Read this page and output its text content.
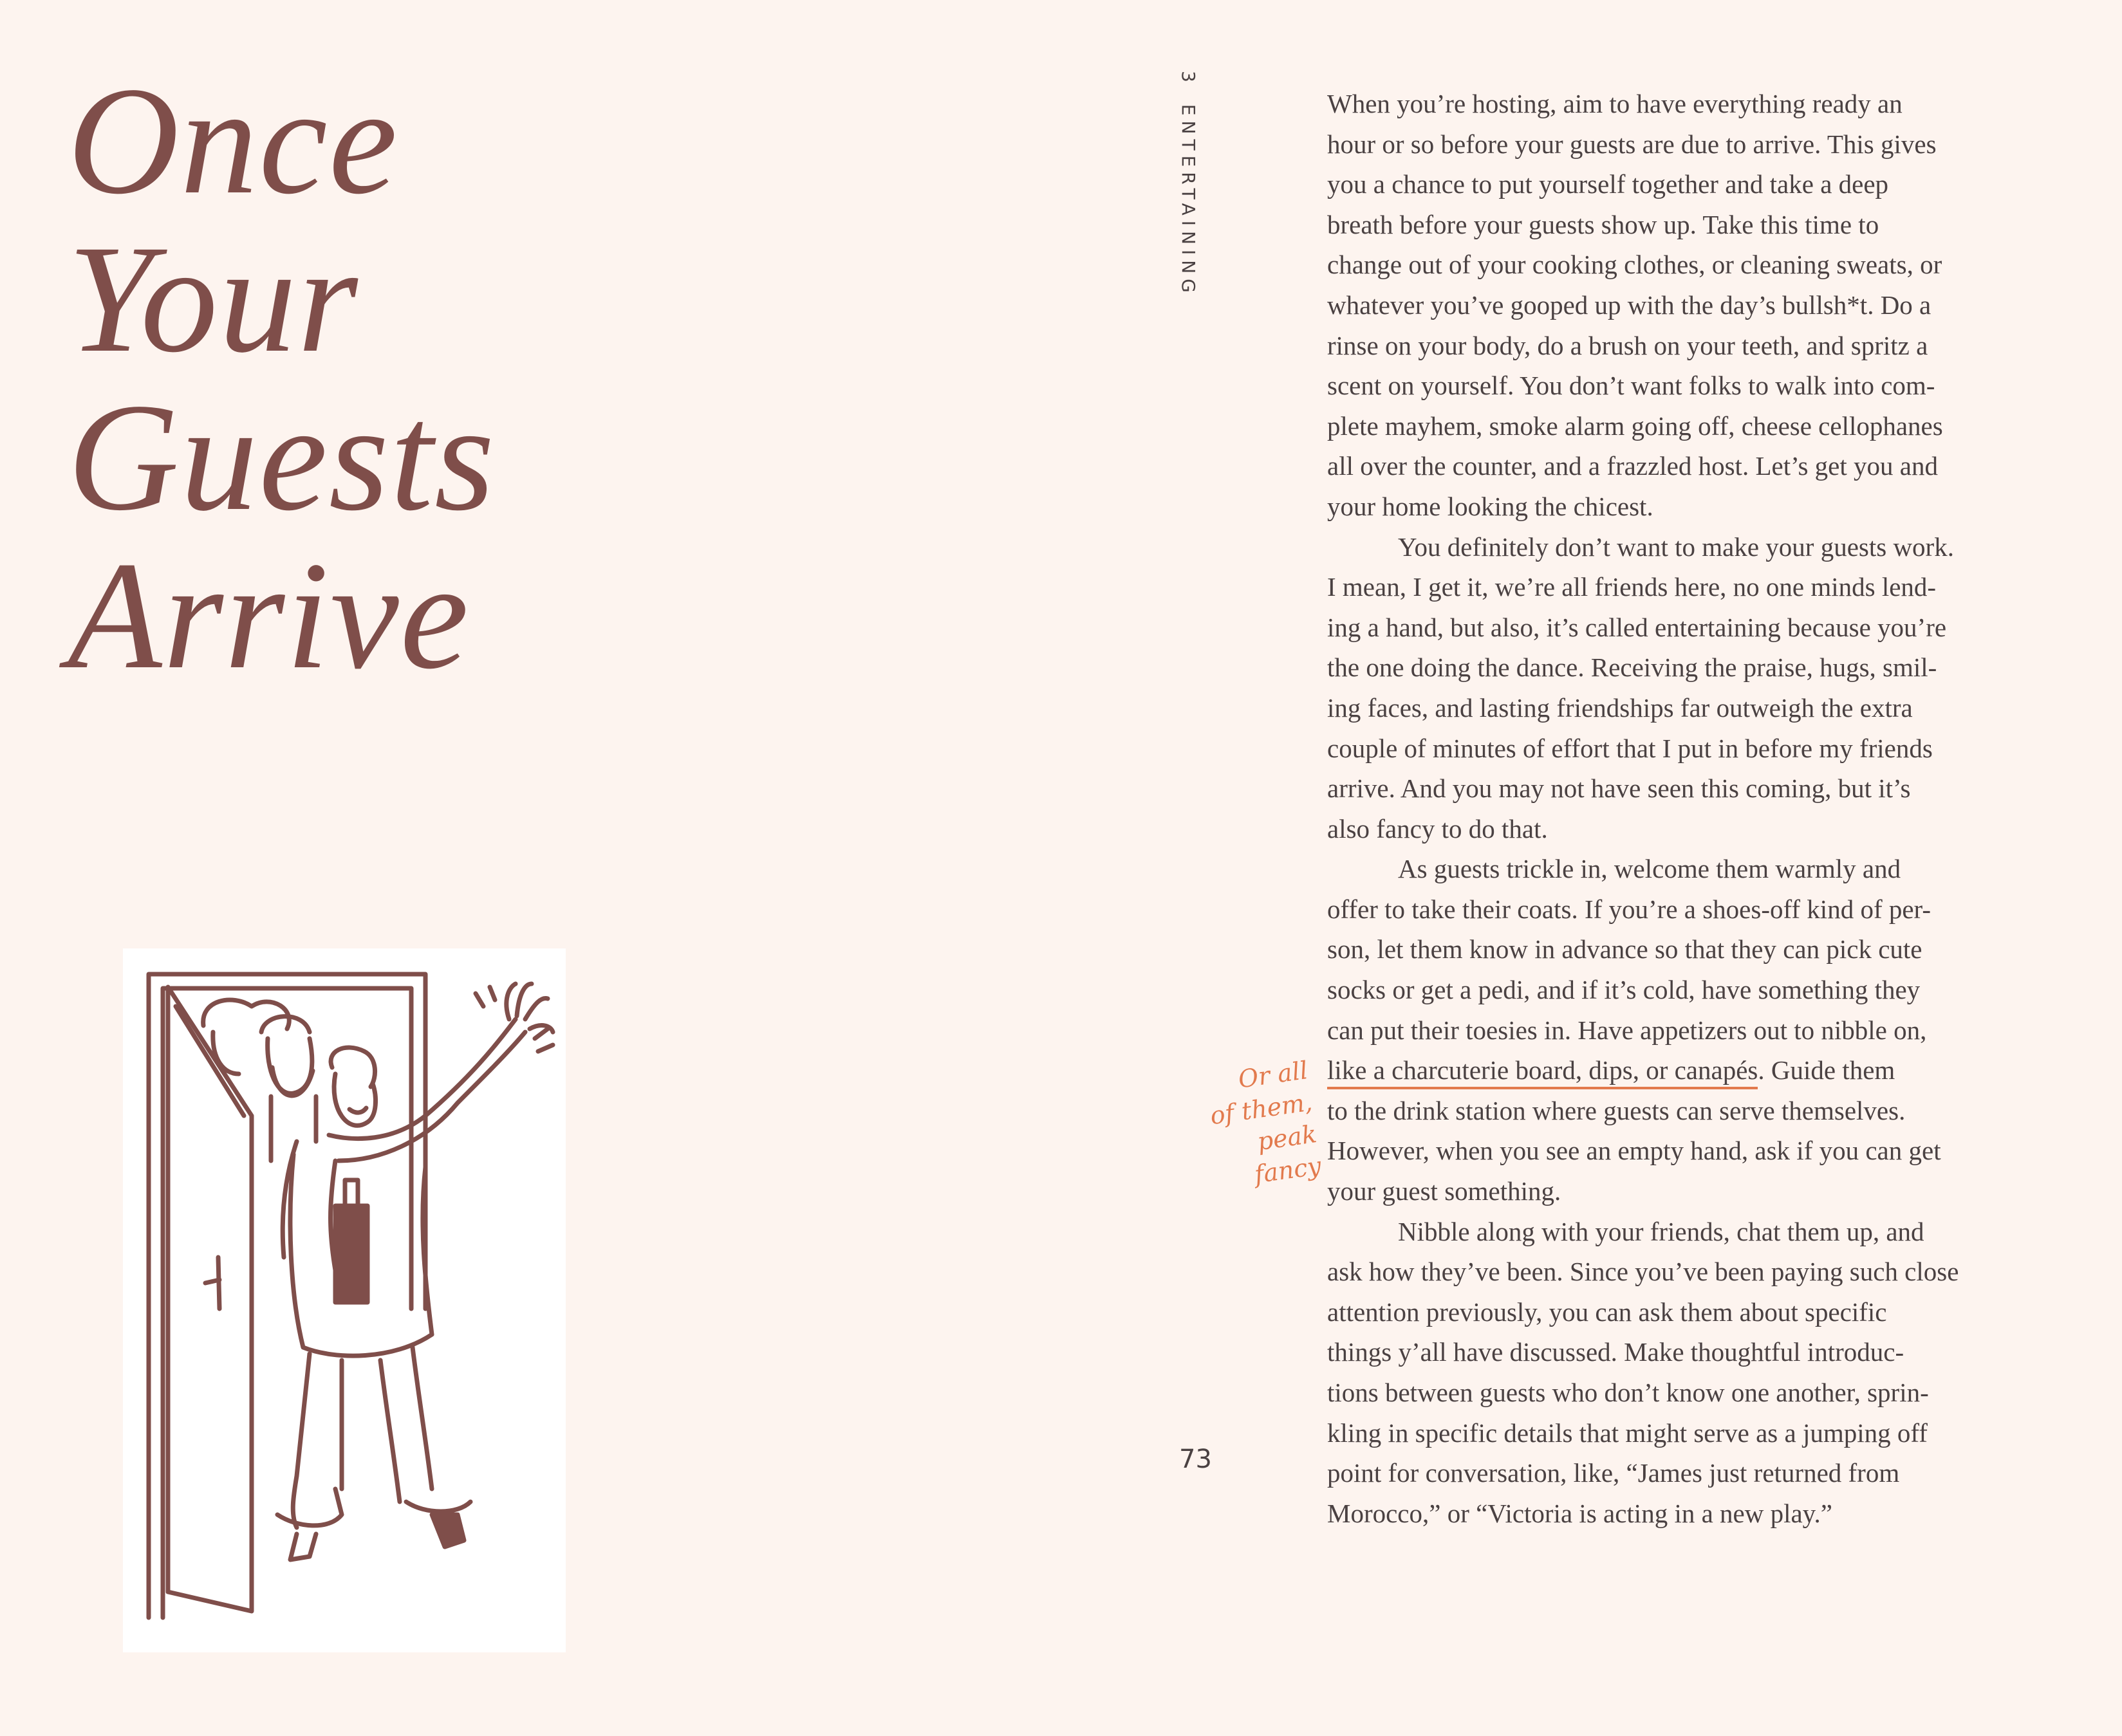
Once
Your
Guests
Arrive
3ENTERTAINING
73
Or all
of them,
peak
fancy
When you’re hosting, aim to have everything ready an
hour or so before your guests are due to arrive. This gives
you a chance to put yourself together and take a deep
breath before your guests show up. Take this time to
change out of your cooking clothes, or cleaning sweats, or
whatever you’ve gooped up with the day’s bullsh*t. Do a
rinse on your body, do a brush on your teeth, and spritz a
scent on yourself. You don’t want folks to walk into com-
plete mayhem, smoke alarm going off, cheese cellophanes
all over the counter, and a frazzled host. Let’s get you and
your home looking the chicest.
You definitely don’t want to make your guests work.
I mean, I get it, we’re all friends here, no one minds lend-
ing a hand, but also, it’s called entertaining because you’re
the one doing the dance. Receiving the praise, hugs, smil-
ing faces, and lasting friendships far outweigh the extra
couple of minutes of effort that I put in before my friends
arrive. And you may not have seen this coming, but it’s
also fancy to do that.
As guests trickle in, welcome them warmly and
offer to take their coats. If you’re a shoes-off kind of per-
son, let them know in advance so that they can pick cute
socks or get a pedi, and if it’s cold, have something they
can put their toesies in. Have appetizers out to nibble on,
like a charcuterie board, dips, or canapés. Guide them
to the drink station where guests can serve themselves.
However, when you see an empty hand, ask if you can get
your guest something.
Nibble along with your friends, chat them up, and
ask how they’ve been. Since you’ve been paying such close
attention previously, you can ask them about specific
things y’all have discussed. Make thoughtful introduc-
tions between guests who don’t know one another, sprin-
kling in specific details that might serve as a jumping off
point for conversation, like, “James just returned from
Morocco,” or “Victoria is acting in a new play.”
